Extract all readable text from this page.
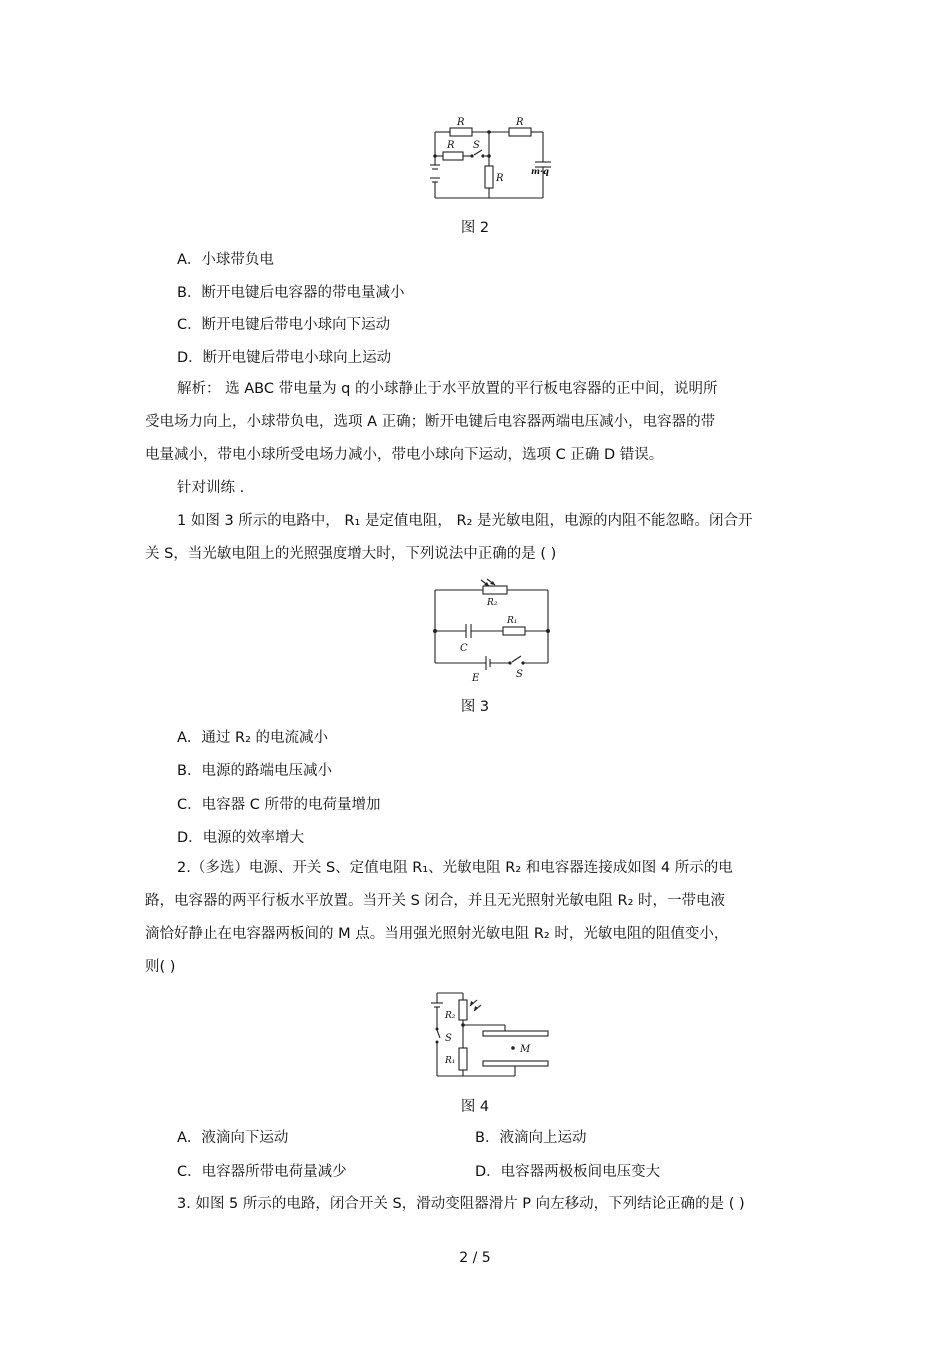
R	R
R S
R
m·q
图 2
A．小球带负电
B．断开电键后电容器的带电量减小
C．断开电键后带电小球向下运动
D．断开电键后带电小球向上运动
解析： 选 ABC 带电量为 q 的小球静止于水平放置的平行板电容器的正中间，说明所
受电场力向上，小球带负电，选项 A 正确；断开电键后电容器两端电压减小，电容器的带
电量减小，带电小球所受电场力减小，带电小球向下运动，选项 C 正确 D 错误。
针对训练 .
1 如图 3 所示的电路中， R₁ 是定值电阻， R₂ 是光敏电阻，电源的内阻不能忽略。闭合开
关 S，当光敏电阻上的光照强度增大时，下列说法中正确的是 ( )
R₂
R₁
C
E	S
图 3
A．通过 R₂ 的电流减小
B．电源的路端电压减小
C．电容器 C 所带的电荷量增加
D．电源的效率增大
2.（多选）电源、开关 S、定值电阻 R₁、光敏电阻 R₂ 和电容器连接成如图 4 所示的电
路，电容器的两平行板水平放置。当开关 S 闭合，并且无光照射光敏电阻 R₂ 时，一带电液
滴恰好静止在电容器两板间的 M 点。当用强光照射光敏电阻 R₂ 时，光敏电阻的阻值变小，
则( )
R₂
S
R₁
M
图 4
A．液滴向下运动	B．液滴向上运动
C．电容器所带电荷量减少	D．电容器两极板间电压变大
3. 如图 5 所示的电路，闭合开关 S，滑动变阻器滑片 P 向左移动，下列结论正确的是 ( )
2 / 5
